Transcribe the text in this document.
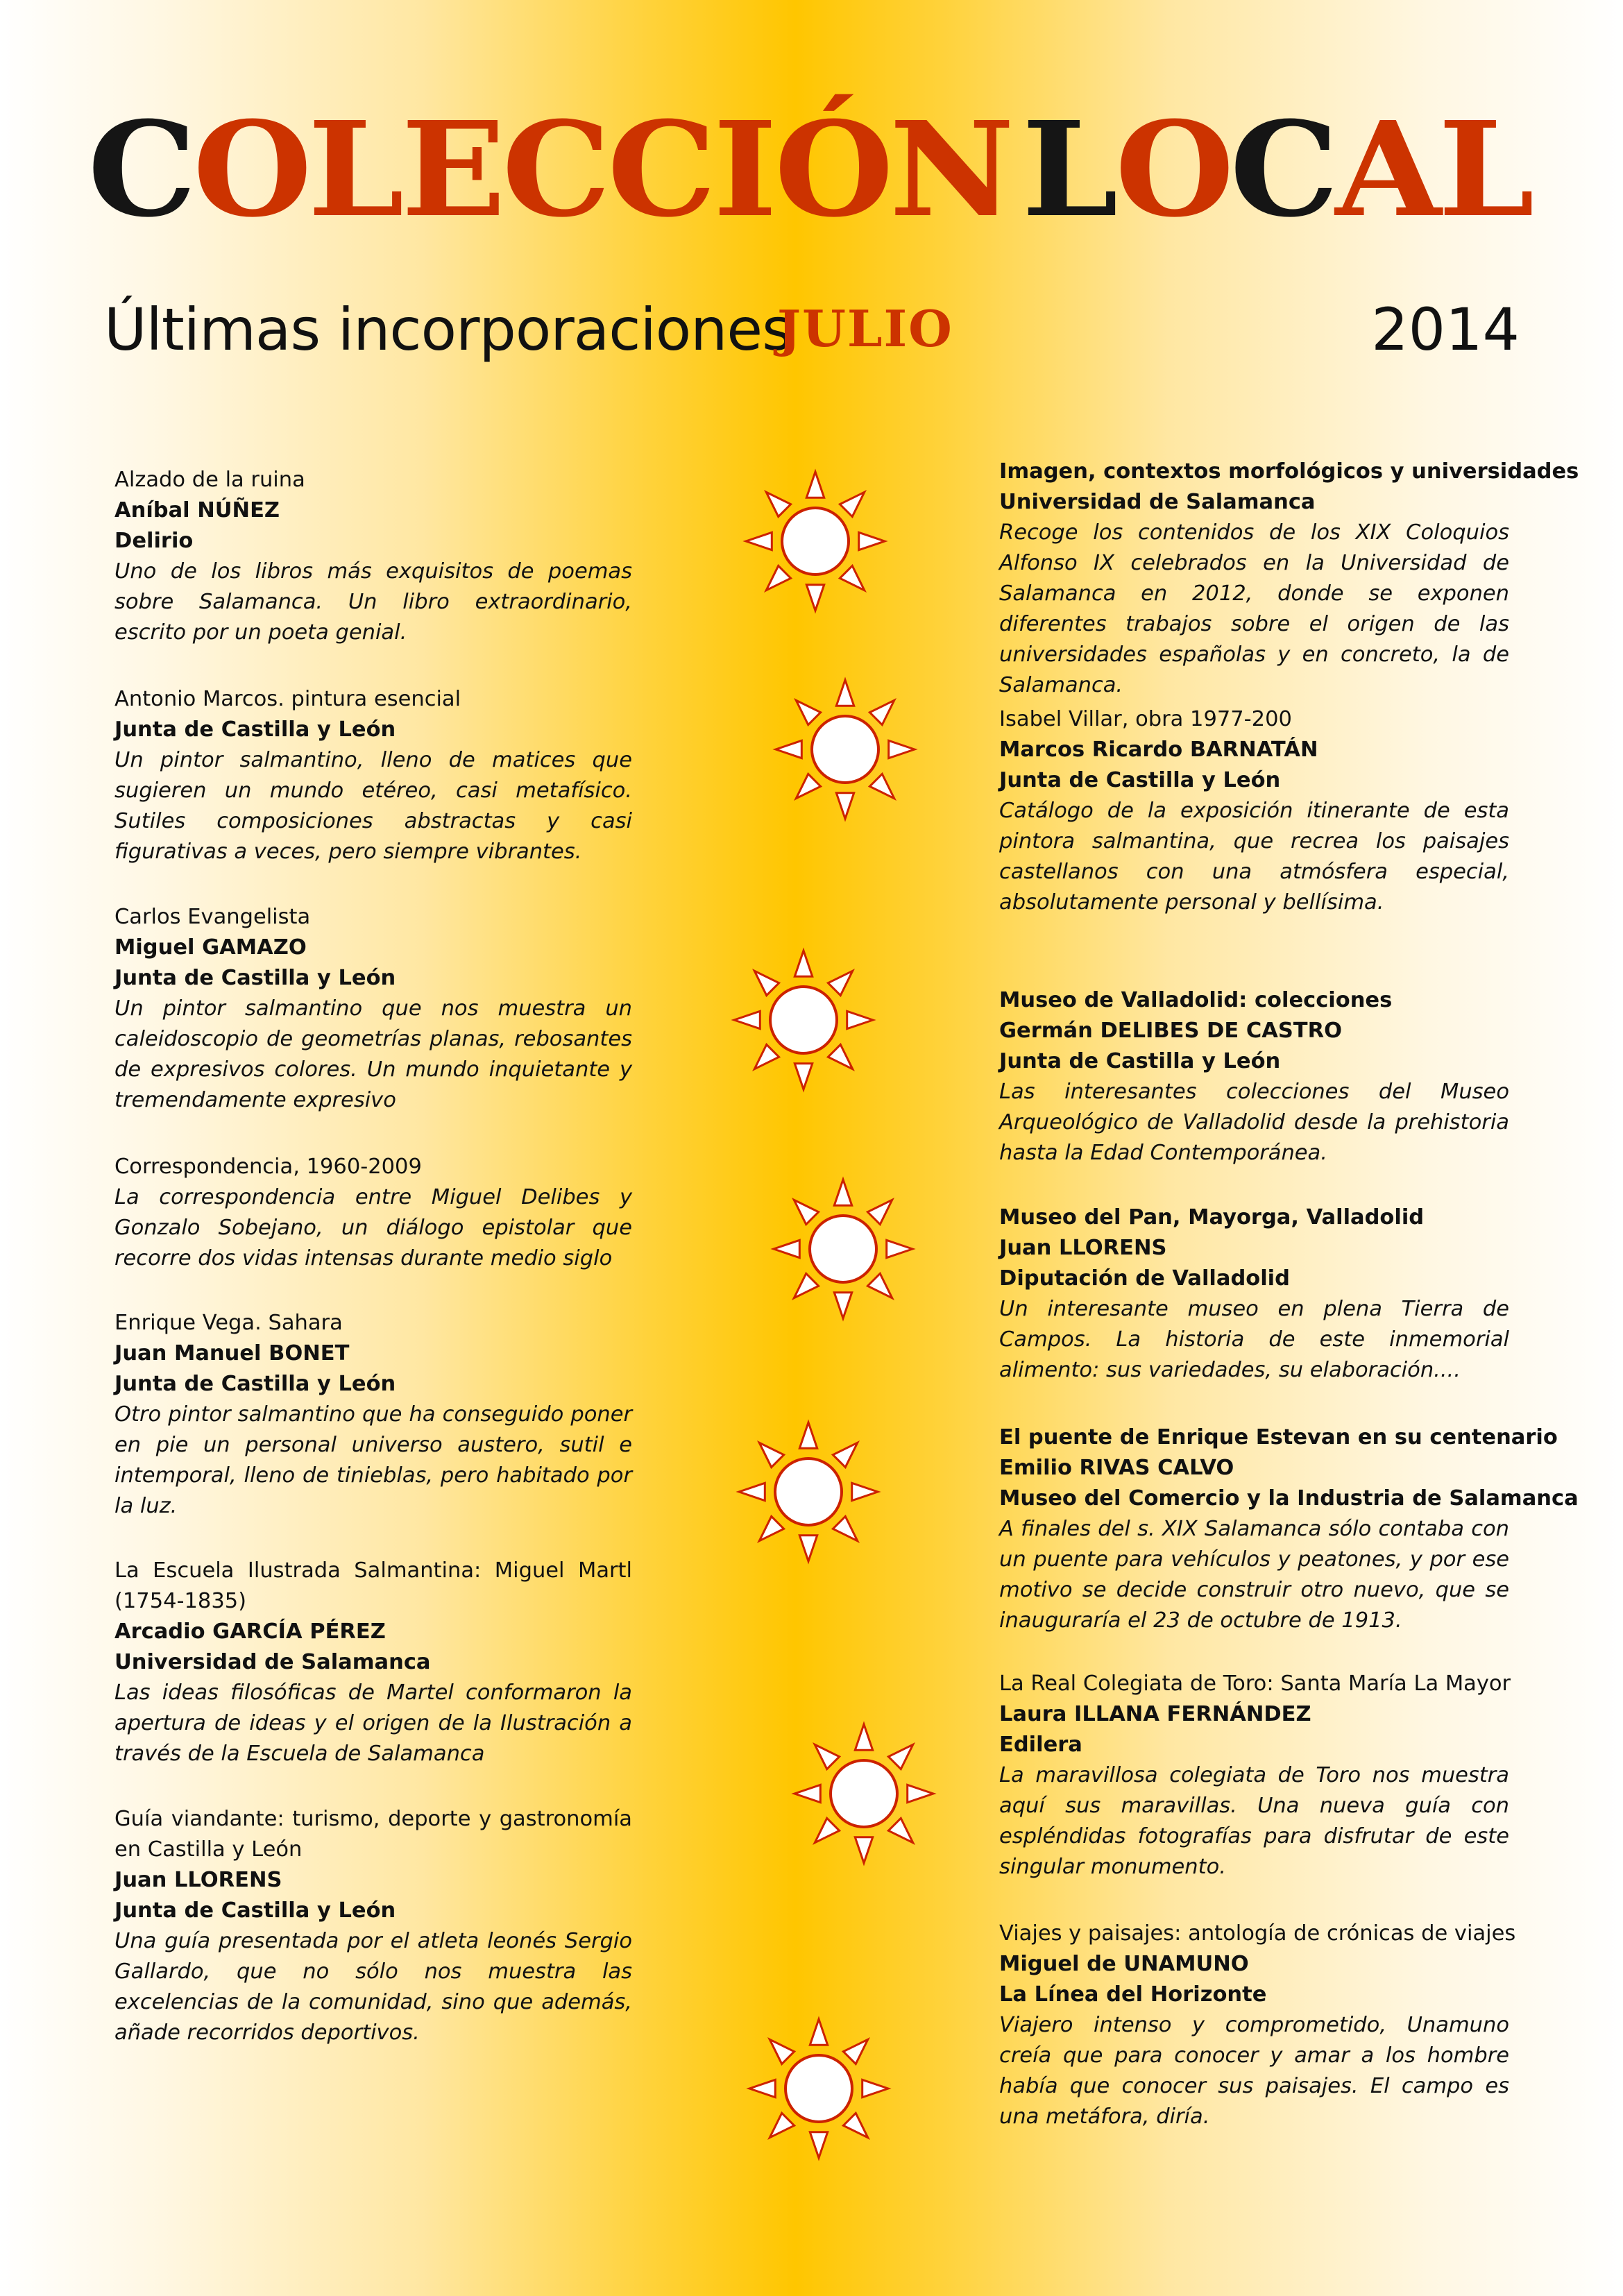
C
O
L
E
C
C
I
Ó
N L
O
C
A
L
Últimas incorporaciones
JULIO	2014
Alzado de la ruina
Aníbal NÚÑEZ
Delirio
Uno de los libros más exquisitos de poemas sobre Salamanca. Un libro extraordinario, escrito por un poeta genial.
Antonio Marcos. pintura esencial
Junta de Castilla y León
Un pintor salmantino, lleno de matices que sugieren un mundo etéreo, casi metafísico. Sutiles composiciones abstractas y casi figurativas a veces, pero siempre vibrantes.
Carlos Evangelista
Miguel GAMAZO
Junta de Castilla y León
Un pintor salmantino que nos muestra un caleidoscopio de geometrías planas, rebosantes de expresivos colores. Un mundo inquietante y tremendamente expresivo
Correspondencia, 1960-2009
La correspondencia entre Miguel Delibes y Gonzalo Sobejano, un diálogo epistolar que recorre dos vidas intensas durante medio siglo
Enrique Vega. Sahara
Juan Manuel BONET
Junta de Castilla y León
Otro pintor salmantino que ha conseguido poner en pie un personal universo austero, sutil e intemporal, lleno de tinieblas, pero habitado por la luz.
La Escuela Ilustrada Salmantina: Miguel Martl (1754-1835)
Arcadio GARCÍA PÉREZ
Universidad de Salamanca
Las ideas filosóficas de Martel conformaron la apertura de ideas y el origen de la Ilustración a través de la Escuela de Salamanca
Guía viandante: turismo, deporte y gastronomía en Castilla y León
Juan LLORENS
Junta de Castilla y León
Una guía presentada por el atleta leonés Sergio Gallardo, que no sólo nos muestra las excelencias de la comunidad, sino que además, añade recorridos deportivos.
Imagen, contextos morfológicos y universidades
Universidad de Salamanca
Recoge los contenidos de los XIX Coloquios Alfonso IX celebrados en la Universidad de Salamanca en 2012, donde se exponen diferentes trabajos sobre el origen de las universidades españolas y en concreto, la de Salamanca.
Isabel Villar, obra 1977-200
Marcos Ricardo BARNATÁN
Junta de Castilla y León
Catálogo de la exposición itinerante de esta pintora salmantina, que recrea los paisajes castellanos con una atmósfera especial, absolutamente personal y bellísima.
Museo de Valladolid: colecciones
Germán DELIBES DE CASTRO
Junta de Castilla y León
Las interesantes colecciones del Museo Arqueológico de Valladolid desde la prehistoria hasta la Edad Contemporánea.
Museo del Pan, Mayorga, Valladolid
Juan LLORENS
Diputación de Valladolid
Un interesante museo en plena Tierra de Campos. La historia de este inmemorial alimento: sus variedades, su elaboración....
El puente de Enrique Estevan en su centenario
Emilio RIVAS CALVO
Museo del Comercio y la Industria de Salamanca
A finales del s. XIX Salamanca sólo contaba con un puente para vehículos y peatones, y por ese motivo se decide construir otro nuevo, que se inauguraría el 23 de octubre de 1913.
La Real Colegiata de Toro: Santa María La Mayor
Laura ILLANA FERNÁNDEZ
Edilera
La maravillosa colegiata de Toro nos muestra aquí sus maravillas. Una nueva guía con espléndidas fotografías para disfrutar de este singular monumento.
Viajes y paisajes: antología de crónicas de viajes
Miguel de UNAMUNO
La Línea del Horizonte
Viajero intenso y comprometido, Unamuno creía que para conocer y amar a los hombre había que conocer sus paisajes. El campo es una metáfora, diría.
